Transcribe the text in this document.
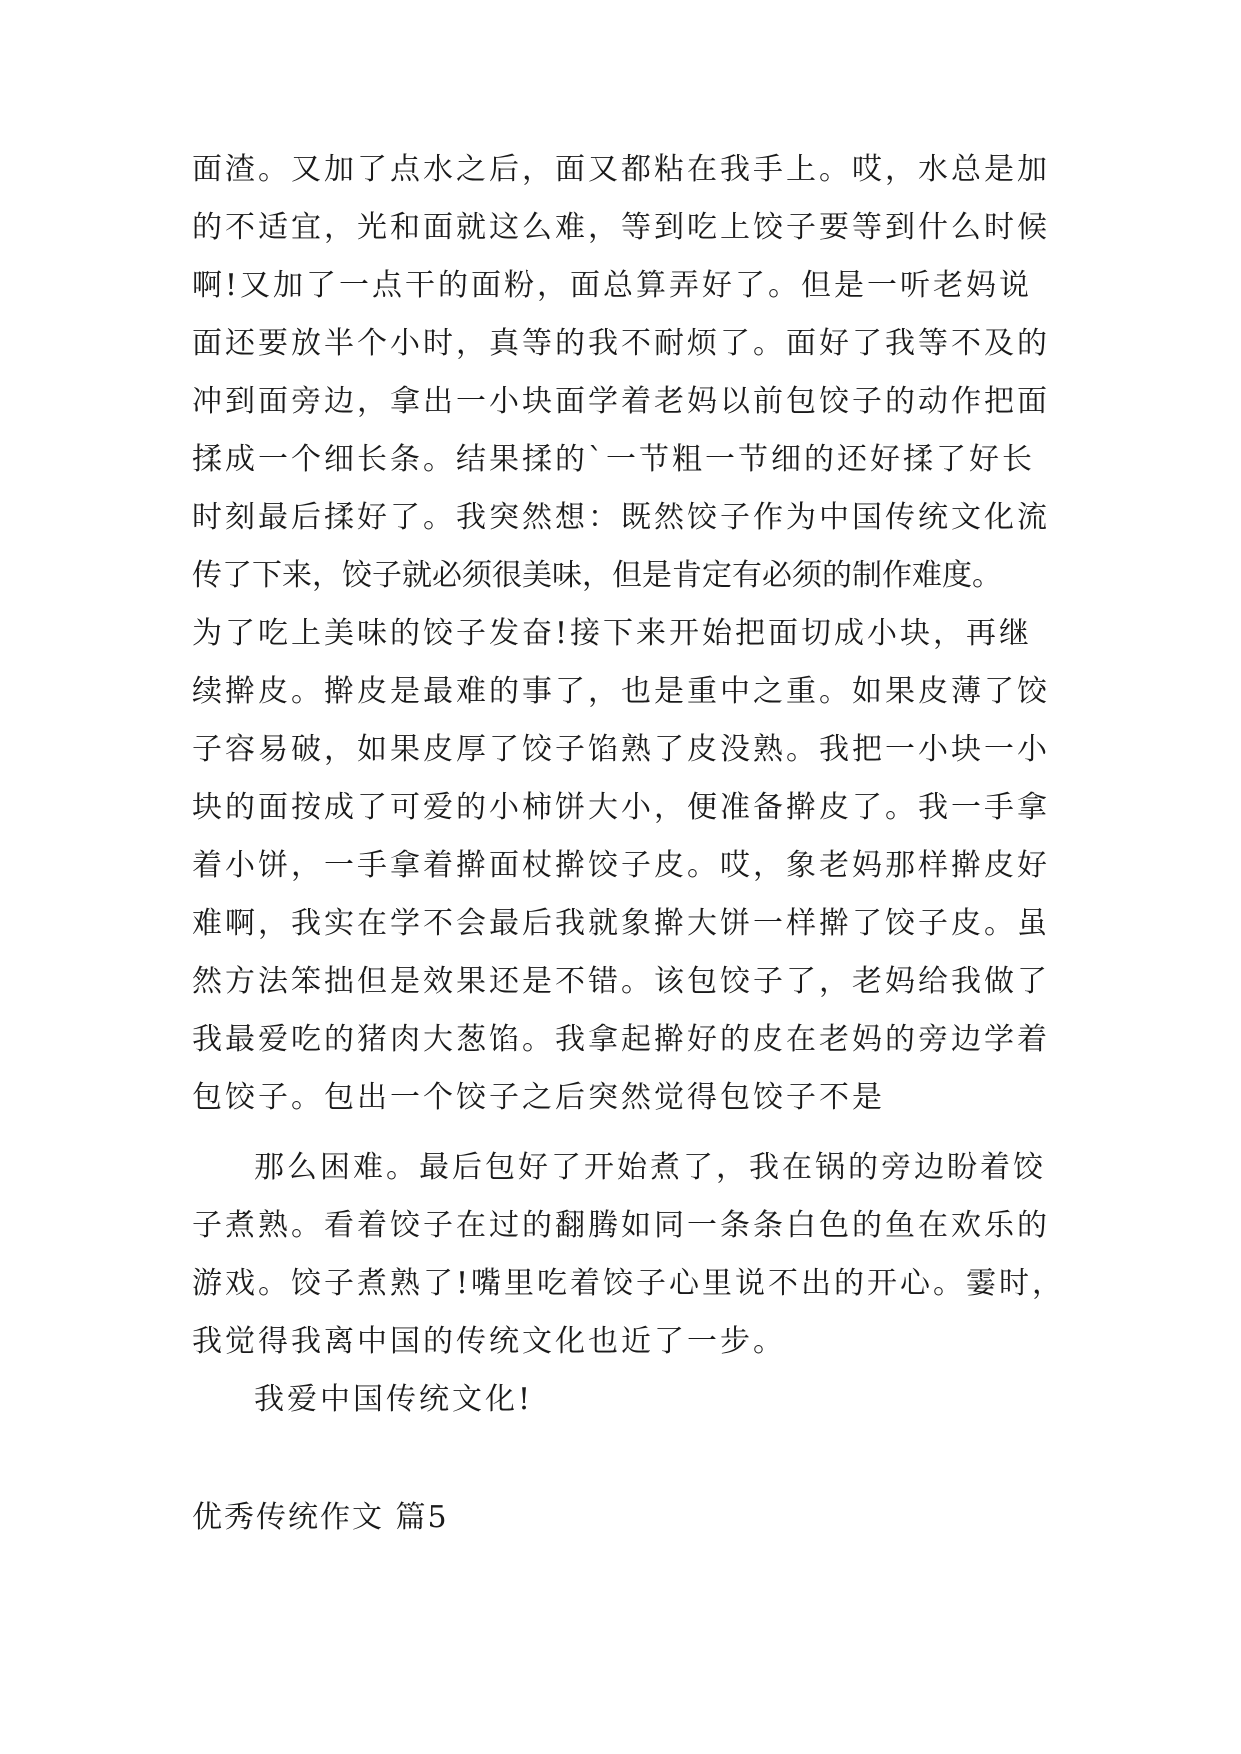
面渣。又加了点水之后，面又都粘在我手上。哎，水总是加
的不适宜，光和面就这么难，等到吃上饺子要等到什么时候
啊!又加了一点干的面粉，面总算弄好了。但是一听老妈说
面还要放半个小时，真等的我不耐烦了。面好了我等不及的
冲到面旁边，拿出一小块面学着老妈以前包饺子的动作把面
揉成一个细长条。结果揉的`一节粗一节细的还好揉了好长
时刻最后揉好了。我突然想：既然饺子作为中国传统文化流
传了下来，饺子就必须很美味，但是肯定有必须的制作难度。
为了吃上美味的饺子发奋!接下来开始把面切成小块，再继
续擀皮。擀皮是最难的事了，也是重中之重。如果皮薄了饺
子容易破，如果皮厚了饺子馅熟了皮没熟。我把一小块一小
块的面按成了可爱的小柿饼大小，便准备擀皮了。我一手拿
着小饼，一手拿着擀面杖擀饺子皮。哎，象老妈那样擀皮好
难啊，我实在学不会最后我就象擀大饼一样擀了饺子皮。虽
然方法笨拙但是效果还是不错。该包饺子了，老妈给我做了
我最爱吃的猪肉大葱馅。我拿起擀好的皮在老妈的旁边学着
包饺子。包出一个饺子之后突然觉得包饺子不是
那么困难。最后包好了开始煮了，我在锅的旁边盼着饺
子煮熟。看着饺子在过的翻腾如同一条条白色的鱼在欢乐的
游戏。饺子煮熟了!嘴里吃着饺子心里说不出的开心。霎时，
我觉得我离中国的传统文化也近了一步。
我爱中国传统文化!
优秀传统作文 篇5
